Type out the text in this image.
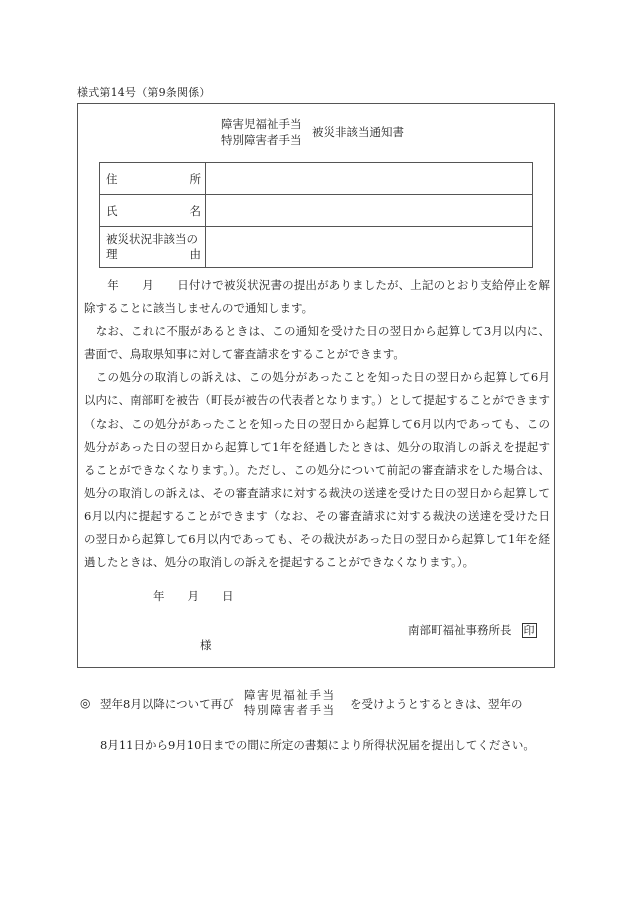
様式第14号（第9条関係）
障害児福祉手当
特別障害者手当
被災非該当通知書
住 所	

氏 名	

被災状況非該当の
理 由	

　　年　　月　　日付けで被災状況書の提出がありましたが、上記のとおり支給停止を解除することに該当しませんので通知します。

　なお、これに不服があるときは、この通知を受けた日の翌日から起算して3月以内に、書面で、鳥取県知事に対して審査請求をすることができます。

　この処分の取消しの訴えは、この処分があったことを知った日の翌日から起算して6月以内に、南部町を被告（町長が被告の代表者となります。）として提起することができます（なお、この処分があったことを知った日の翌日から起算して6月以内であっても、この処分があった日の翌日から起算して1年を経過したときは、処分の取消しの訴えを提起することができなくなります。）。ただし、この処分について前記の審査請求をした場合は、処分の取消しの訴えは、その審査請求に対する裁決の送達を受けた日の翌日から起算して6月以内に提起することができます（なお、その審査請求に対する裁決の送達を受けた日の翌日から起算して6月以内であっても、その裁決があった日の翌日から起算して1年を経過したときは、処分の取消しの訴えを提起することができなくなります。）。

年　　月　　日
南部町福祉事務所長 印
様
◎ 翌年8月以降について再び
障害児福祉手当
特別障害者手当 を受けようとするときは、翌年の
8月11日から9月10日までの間に所定の書類により所得状況届を提出してください。
